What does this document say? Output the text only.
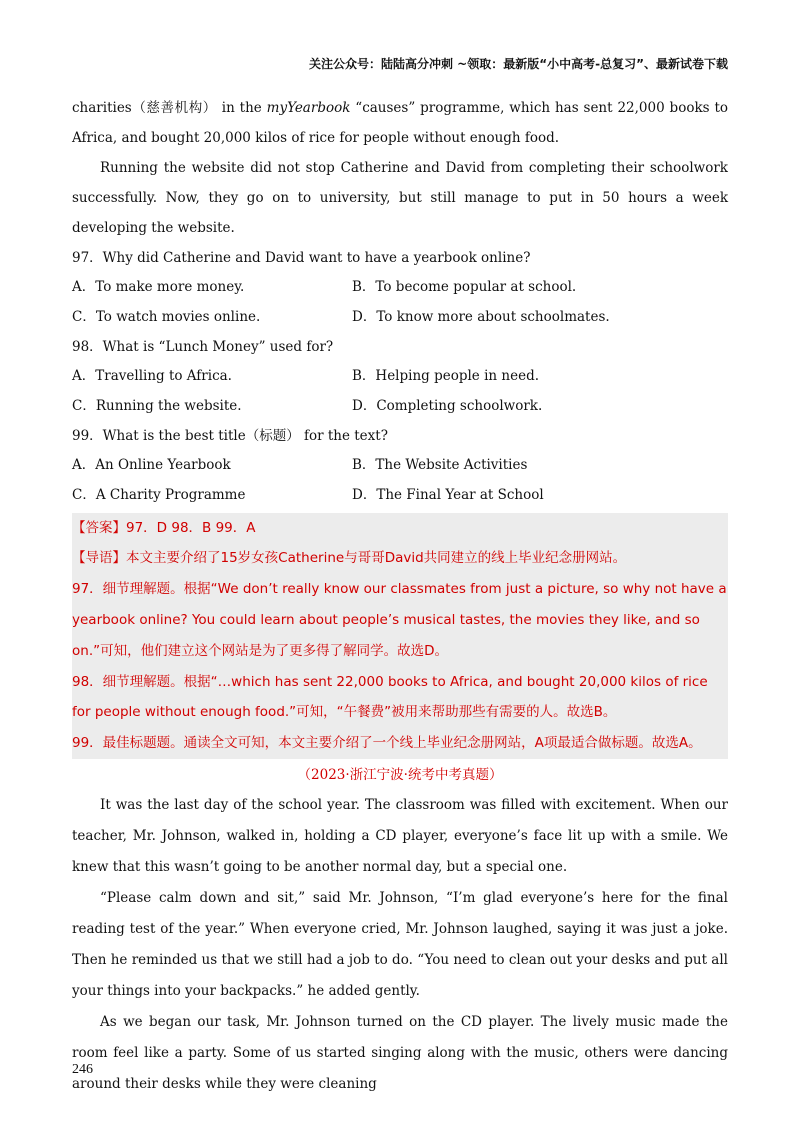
关注公众号：陆陆高分冲刺 ~领取：最新版“小中高考-总复习”、最新试卷下载

charities（慈善机构） in the myYearbook “causes” programme, which has sent 22,000 books to Africa, and bought 20,000 kilos of rice for people without enough food.

Running the website did not stop Catherine and David from completing their schoolwork successfully. Now, they go on to university, but still manage to put in 50 hours a week developing the website.

97．Why did Catherine and David want to have a yearbook online?
A．To make more money.	B．To become popular at school.
C．To watch movies online.	D．To know more about schoolmates.
98．What is “Lunch Money” used for?
A．Travelling to Africa.	B．Helping people in need.
C．Running the website.	D．Completing schoolwork.
99．What is the best title（标题） for the text?
A．An Online Yearbook	B．The Website Activities
C．A Charity Programme	D．The Final Year at School

【答案】97．D 98．B 99．A

【导语】本文主要介绍了15岁女孩Catherine与哥哥David共同建立的线上毕业纪念册网站。

97．细节理解题。根据“We don’t really know our classmates from just a picture, so why not have a yearbook online? You could learn about people’s musical tastes, the movies they like, and so on.”可知，他们建立这个网站是为了更多得了解同学。故选D。

98．细节理解题。根据“…which has sent 22,000 books to Africa, and bought 20,000 kilos of rice for people without enough food.”可知，“午餐费”被用来帮助那些有需要的人。故选B。

99．最佳标题题。通读全文可知，本文主要介绍了一个线上毕业纪念册网站，A项最适合做标题。故选A。

（2023·浙江宁波·统考中考真题）

It was the last day of the school year. The classroom was filled with excitement. When our teacher, Mr. Johnson, walked in, holding a CD player, everyone’s face lit up with a smile. We knew that this wasn’t going to be another normal day, but a special one.

“Please calm down and sit,” said Mr. Johnson, “I’m glad everyone’s here for the final reading test of the year.” When everyone cried, Mr. Johnson laughed, saying it was just a joke. Then he reminded us that we still had a job to do. “You need to clean out your desks and put all your things into your backpacks.” he added gently.

As we began our task, Mr. Johnson turned on the CD player. The lively music made the room feel like a party. Some of us started singing along with the music, others were dancing around their desks while they were cleaning

246
